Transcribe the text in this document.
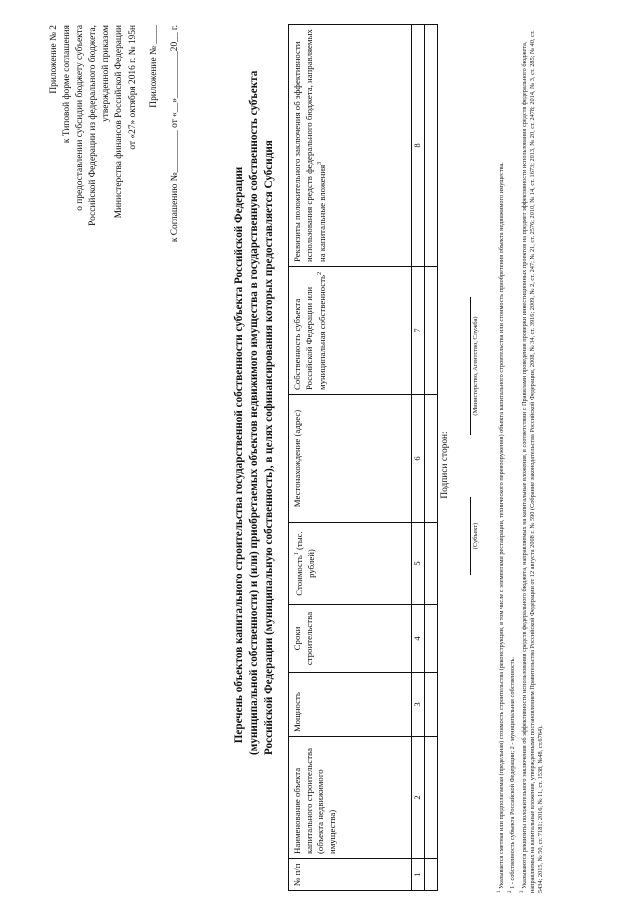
Приложение № 2 к Типовой форме соглашения о предоставлении субсидии бюджету субъекта Российской Федерации из федерального бюджета, утвержденной приказом Министерства финансов Российской Федерации от «27» октября 2016 г. № 195н Приложение № ____ к Соглашению №_________ от «__»__________20__ г.
Перечень объектов капитального строительства государственной собственности субъекта Российской Федерации (муниципальной собственности) и (или) приобретаемых объектов недвижимого имущества в государственную собственность субъекта Российской Федерации (муниципальную собственность), в целях софинансирования которых предоставляется Субсидия
№ п/п	Наименование объекта капитального строительства (объекта недвижимого имущества)	Мощность	Сроки строительства	Стоимость$^1$ (тыс. рублей)	Местонахождение (адрес)	Собственность субъекта Российской Федерации или муниципальная собственность$^2$	Реквизиты положительного заключения об эффективности использования средств федерального бюджета, направляемых на капитальные вложения$^3$
1	2	3	4	5	6	7	8

Подписи сторон:
(Субъект)
(Министерство, Агентство, Служба)

$^1$ Указывается сметная или предполагаемая (предельная) стоимость строительства (реконструкции, в том числе с элементами реставрации, технического перевооружения) объекта капитального строительства или стоимость приобретения объекта недвижимого имущества.

$^2$ 1 - собственность субъекта Российской Федерации; 2 - муниципальная собственность.

$^3$ Указываются реквизиты положительного заключения об эффективности использования средств федерального бюджета, направляемых на капитальные вложения, в соответствии с Правилами проведения проверки инвестиционных проектов на предмет эффективности использования средств федерального бюджета, направляемых на капитальные вложения, утвержденными постановлением Правительства Российской Федерации от 12 августа 2008 г. № 590 (Собрание законодательства Российской Федерации, 2008, № 34, ст. 3916; 2009, № 2, ст. 247; № 21, ст. 2576; 2010, № 14, ст. 1673; 2013, № 20, ст. 2478; 2014, № 3, ст. 285; № 40, ст. 5434; 2015, № 50, ст. 7181; 2016, № 11, ст. 1538, №48, ст.6764).
